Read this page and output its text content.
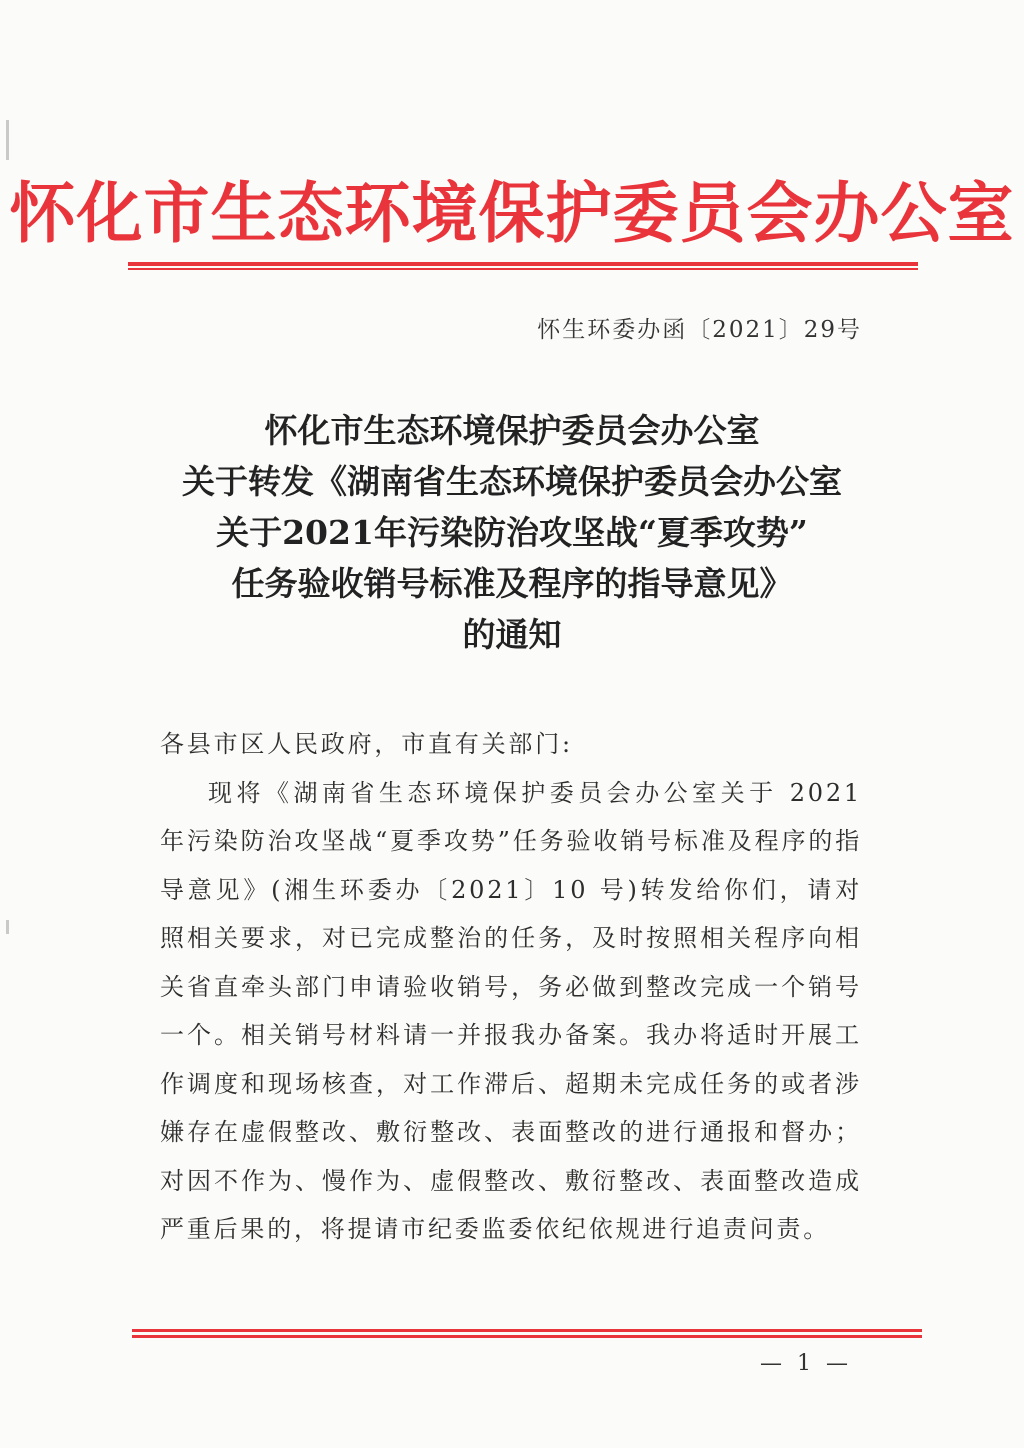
怀化市生态环境保护委员会办公室
怀生环委办函〔2021〕29号
怀化市生态环境保护委员会办公室
关于转发《湖南省生态环境保护委员会办公室
关于2021年污染防治攻坚战“夏季攻势”
任务验收销号标准及程序的指导意见》
的通知
各县市区人民政府，市直有关部门:
现将《湖南省生态环境保护委员会办公室关于 2021 年污染防治攻坚战“夏季攻势”任务验收销号标准及程序的指导意见》(湘生环委办〔2021〕10 号)转发给你们，请对照相关要求，对已完成整治的任务，及时按照相关程序向相关省直牵头部门申请验收销号，务必做到整改完成一个销号一个。相关销号材料请一并报我办备案。我办将适时开展工作调度和现场核查，对工作滞后、超期未完成任务的或者涉嫌存在虚假整改、敷衍整改、表面整改的进行通报和督办；对因不作为、慢作为、虚假整改、敷衍整改、表面整改造成严重后果的，将提请市纪委监委依纪依规进行追责问责。
— 1 —
